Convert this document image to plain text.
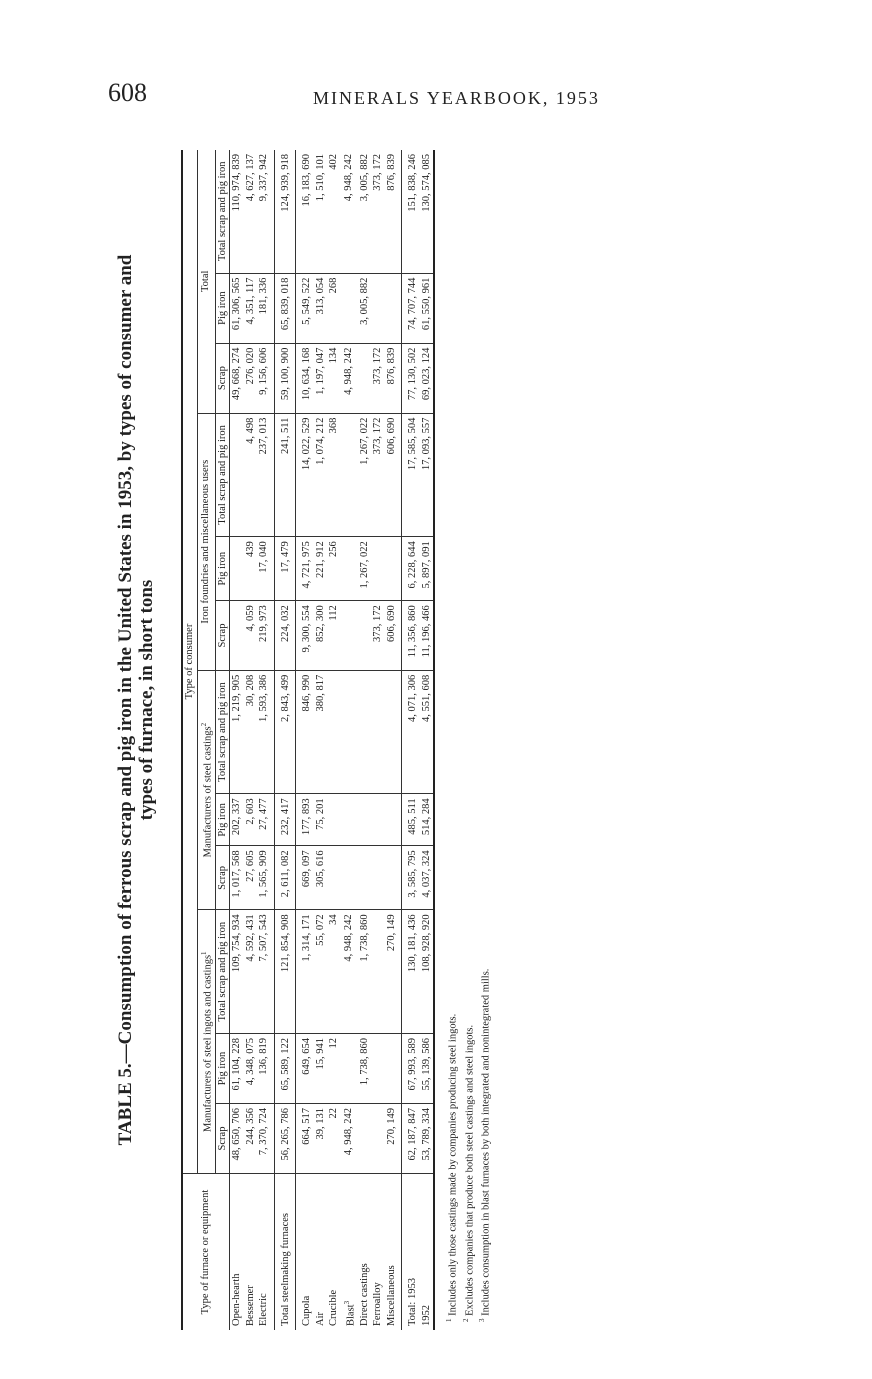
608	MINERALS YEARBOOK, 1953
TABLE 5.—Consumption of ferrous scrap and pig iron in the United States in 1953, by types of consumer and types of furnace, in short tons
Type of furnace or equipment	Type of consumer											
	Manufacturers of steel ingots and castings$^1$			Manufacturers of steel castings$^2$			Iron foundries and miscellaneous users			Total		
	Scrap	Pig iron	Total scrap and pig iron	Scrap	Pig iron	Total scrap and pig iron	Scrap	Pig iron	Total scrap and pig iron	Scrap	Pig iron	Total scrap and pig iron
Open-hearth	48, 650, 706	61, 104, 228	109, 754, 934	1, 017, 568	202, 337	1, 219, 905				49, 668, 274	61, 306, 565	110, 974, 839
Bessemer	244, 356	4, 348, 075	4, 592, 431	27, 605	2, 603	30, 208	4, 059	439	4, 498	276, 020	4, 351, 117	4, 627, 137
Electric	7, 370, 724	136, 819	7, 507, 543	1, 565, 909	27, 477	1, 593, 386	219, 973	17, 040	237, 013	9, 156, 606	181, 336	9, 337, 942
Total steelmaking furnaces	56, 265, 786	65, 589, 122	121, 854, 908	2, 611, 082	232, 417	2, 843, 499	224, 032	17, 479	241, 511	59, 100, 900	65, 839, 018	124, 939, 918
Cupola	664, 517	649, 654	1, 314, 171	669, 097	177, 893	846, 990	9, 300, 554	4, 721, 975	14, 022, 529	10, 634, 168	5, 549, 522	16, 183, 690
Air	39, 131	15, 941	55, 072	305, 616	75, 201	380, 817	852, 300	221, 912	1, 074, 212	1, 197, 047	313, 054	1, 510, 101
Crucible	22	12	34				112	256	368	134	268	402
Blast$^3$	4, 948, 242		4, 948, 242							4, 948, 242		4, 948, 242
Direct castings		1, 738, 860	1, 738, 860					1, 267, 022	1, 267, 022		3, 005, 882	3, 005, 882
Ferroalloy							373, 172		373, 172	373, 172		373, 172
Miscellaneous	270, 149		270, 149				606, 690		606, 690	876, 839		876, 839
Total: 1953	62, 187, 847	67, 993, 589	130, 181, 436	3, 585, 795	485, 511	4, 071, 306	11, 356, 860	6, 228, 644	17, 585, 504	77, 130, 502	74, 707, 744	151, 838, 246
1952	53, 789, 334	55, 139, 586	108, 928, 920	4, 037, 324	514, 284	4, 551, 608	11, 196, 466	5, 897, 091	17, 093, 557	69, 023, 124	61, 550, 961	130, 574, 085
$^1$ Includes only those castings made by companies producing steel ingots.
$^2$ Excludes companies that produce both steel castings and steel ingots.
$^3$ Includes consumption in blast furnaces by both integrated and nonintegrated mills.
